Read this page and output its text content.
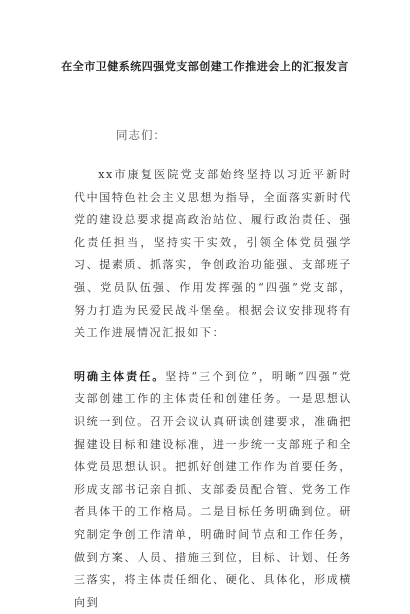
在全市卫健系统四强党支部创建工作推进会上的汇报发言
同志们：

xx市康复医院党支部始终坚持以习近平新时代中国特色社会主义思想为指导，全面落实新时代党的建设总要求提高政治站位、履行政治责任、强化责任担当，坚持实干实效，引领全体党员强学习、提素质、抓落实，争创政治功能强、支部班子强、党员队伍强、作用发挥强的“四强”党支部，努力打造为民爱民战斗堡垒。根据会议安排现将有关工作进展情况汇报如下：

明确主体责任。坚持“三个到位”，明晰“四强”党支部创建工作的主体责任和创建任务。一是思想认识统一到位。召开会议认真研读创建要求，准确把握建设目标和建设标准，进一步统一支部班子和全体党员思想认识。把抓好创建工作作为首要任务，形成支部书记亲自抓、支部委员配合管、党务工作者具体干的工作格局。二是目标任务明确到位。研究制定争创工作清单，明确时间节点和工作任务，做到方案、人员、措施三到位，目标、计划、任务三落实，将主体责任细化、硬化、具体化，形成横向到
